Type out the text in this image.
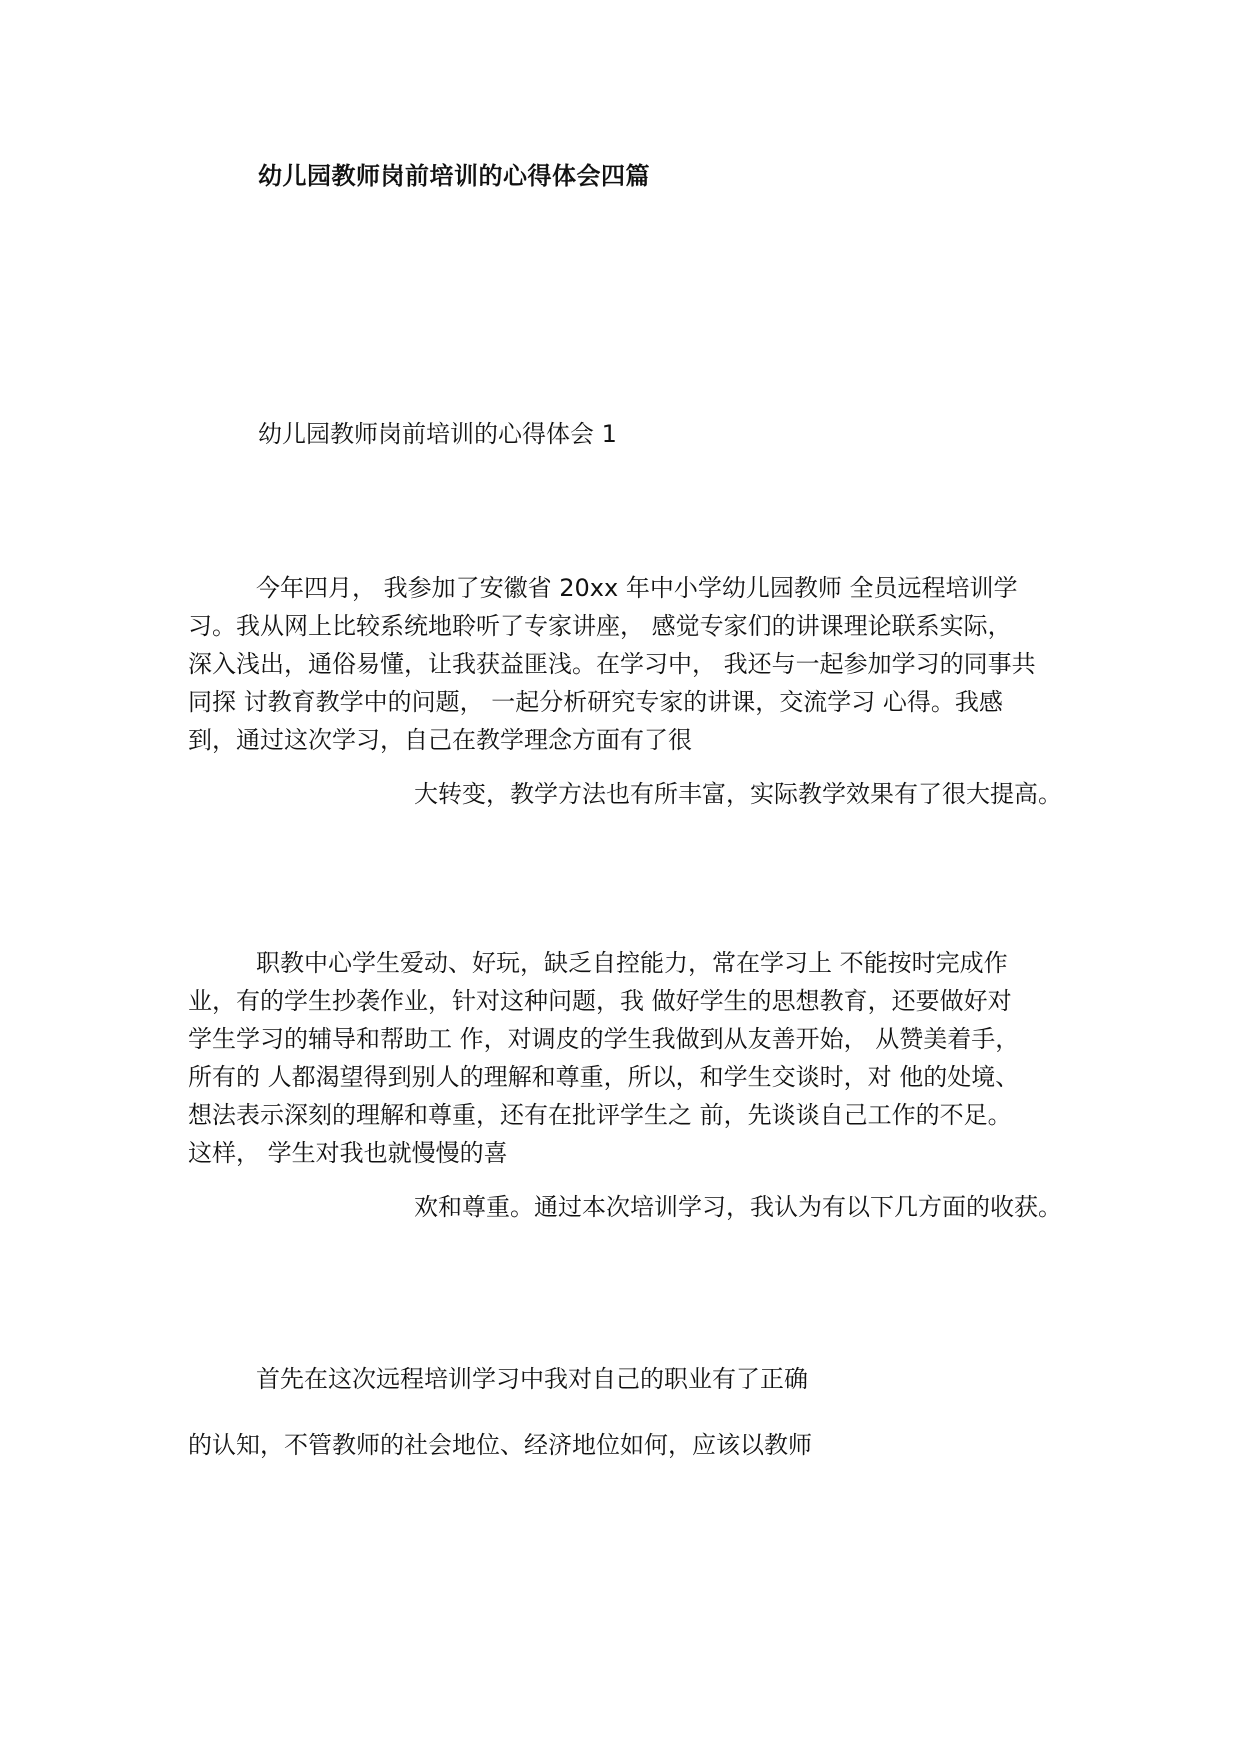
幼儿园教师岗前培训的心得体会四篇
幼儿园教师岗前培训的心得体会 1
今年四月， 我参加了安徽省 20xx 年中小学幼儿园教师 全员远程培训学
习。我从网上比较系统地聆听了专家讲座， 感觉专家们的讲课理论联系实际，
深入浅出，通俗易懂，让我获益匪浅。在学习中， 我还与一起参加学习的同事共
同探 讨教育教学中的问题， 一起分析研究专家的讲课，交流学习 心得。我感
到，通过这次学习，自己在教学理念方面有了很
大转变，教学方法也有所丰富，实际教学效果有了很大提高。
职教中心学生爱动、好玩，缺乏自控能力，常在学习上 不能按时完成作
业，有的学生抄袭作业，针对这种问题，我 做好学生的思想教育，还要做好对
学生学习的辅导和帮助工 作，对调皮的学生我做到从友善开始， 从赞美着手，
所有的 人都渴望得到别人的理解和尊重，所以，和学生交谈时，对 他的处境、
想法表示深刻的理解和尊重，还有在批评学生之 前，先谈谈自己工作的不足。
这样， 学生对我也就慢慢的喜
欢和尊重。通过本次培训学习，我认为有以下几方面的收获。
首先在这次远程培训学习中我对自己的职业有了正确
的认知，不管教师的社会地位、经济地位如何，应该以教师
